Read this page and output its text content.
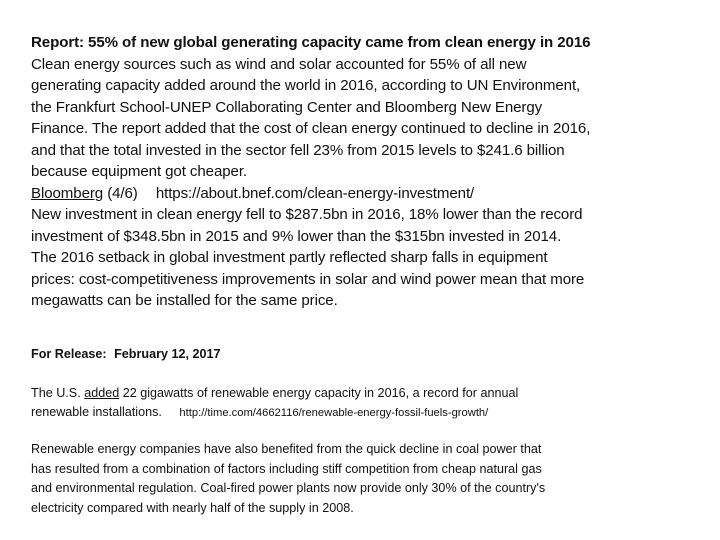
Report: 55% of new global generating capacity came from clean energy in 2016

Clean energy sources such as wind and solar accounted for 55% of all new

generating capacity added around the world in 2016, according to UN Environment,

the Frankfurt School-UNEP Collaborating Center and Bloomberg New Energy

Finance. The report added that the cost of clean energy continued to decline in 2016,

and that the total invested in the sector fell 23% from 2015 levels to $241.6 billion

because equipment got cheaper.

Bloomberg (4/6) https://about.bnef.com/clean-energy-investment/

New investment in clean energy fell to $287.5bn in 2016, 18% lower than the record

investment of $348.5bn in 2015 and 9% lower than the $315bn invested in 2014.

The 2016 setback in global investment partly reflected sharp falls in equipment

prices: cost-competitiveness improvements in solar and wind power mean that more

megawatts can be installed for the same price.

For Release: February 12, 2017

The U.S. added 22 gigawatts of renewable energy capacity in 2016, a record for annual

renewable installations. http://time.com/4662116/renewable-energy-fossil-fuels-growth/

Renewable energy companies have also benefited from the quick decline in coal power that

has resulted from a combination of factors including stiff competition from cheap natural gas

and environmental regulation. Coal-fired power plants now provide only 30% of the country's

electricity compared with nearly half of the supply in 2008.
